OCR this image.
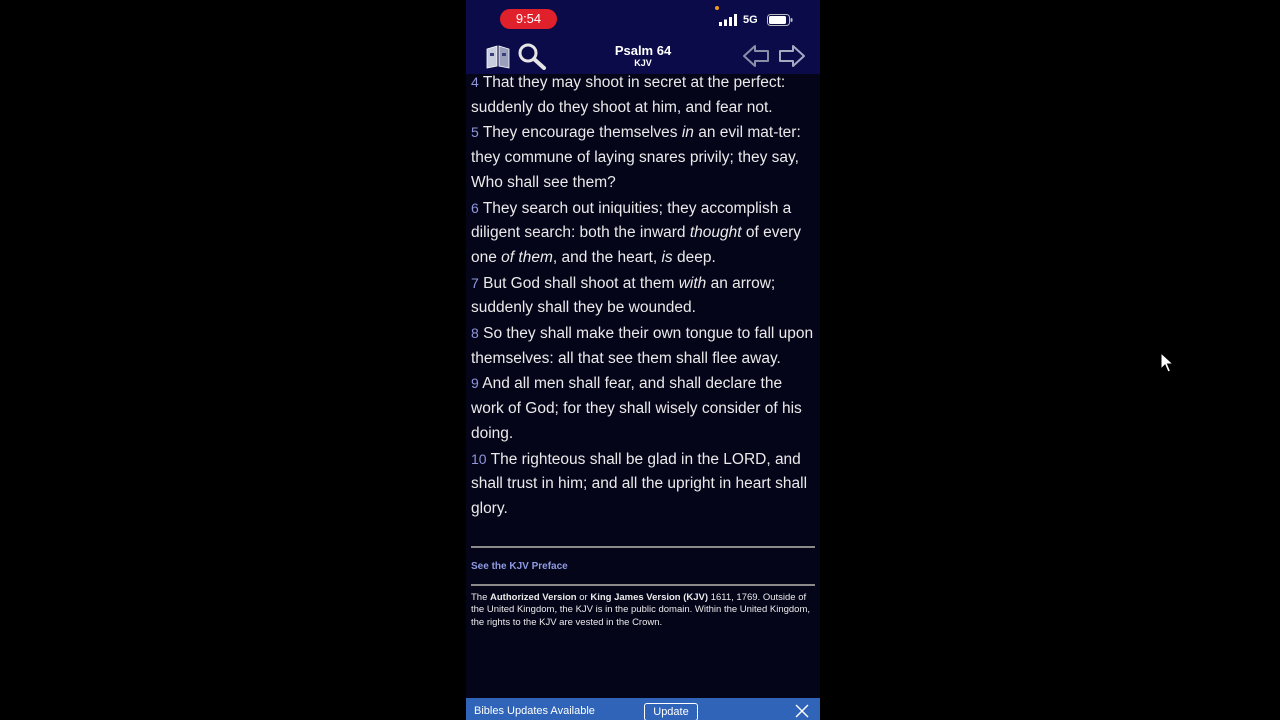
9:54	5G
Psalm 64
KJV

4 That they may shoot in secret at the perfect: suddenly do they shoot at him, and fear not.

5 They encourage themselves in an evil mat-ter: they commune of laying snares privily; they say, Who shall see them?

6 They search out iniquities; they accomplish a diligent search: both the inward thought of every one of them, and the heart, is deep.

7 But God shall shoot at them with an arrow; suddenly shall they be wounded.

8 So they shall make their own tongue to fall upon themselves: all that see them shall flee away.

9 And all men shall fear, and shall declare the work of God; for they shall wisely consider of his doing.

10 The righteous shall be glad in the LORD, and shall trust in him; and all the upright in heart shall glory.

See the KJV Preface

The Authorized Version or King James Version (KJV) 1611, 1769. Outside of the United Kingdom, the KJV is in the public domain. Within the United Kingdom, the rights to the KJV are vested in the Crown.

Bibles Updates Available	Update
